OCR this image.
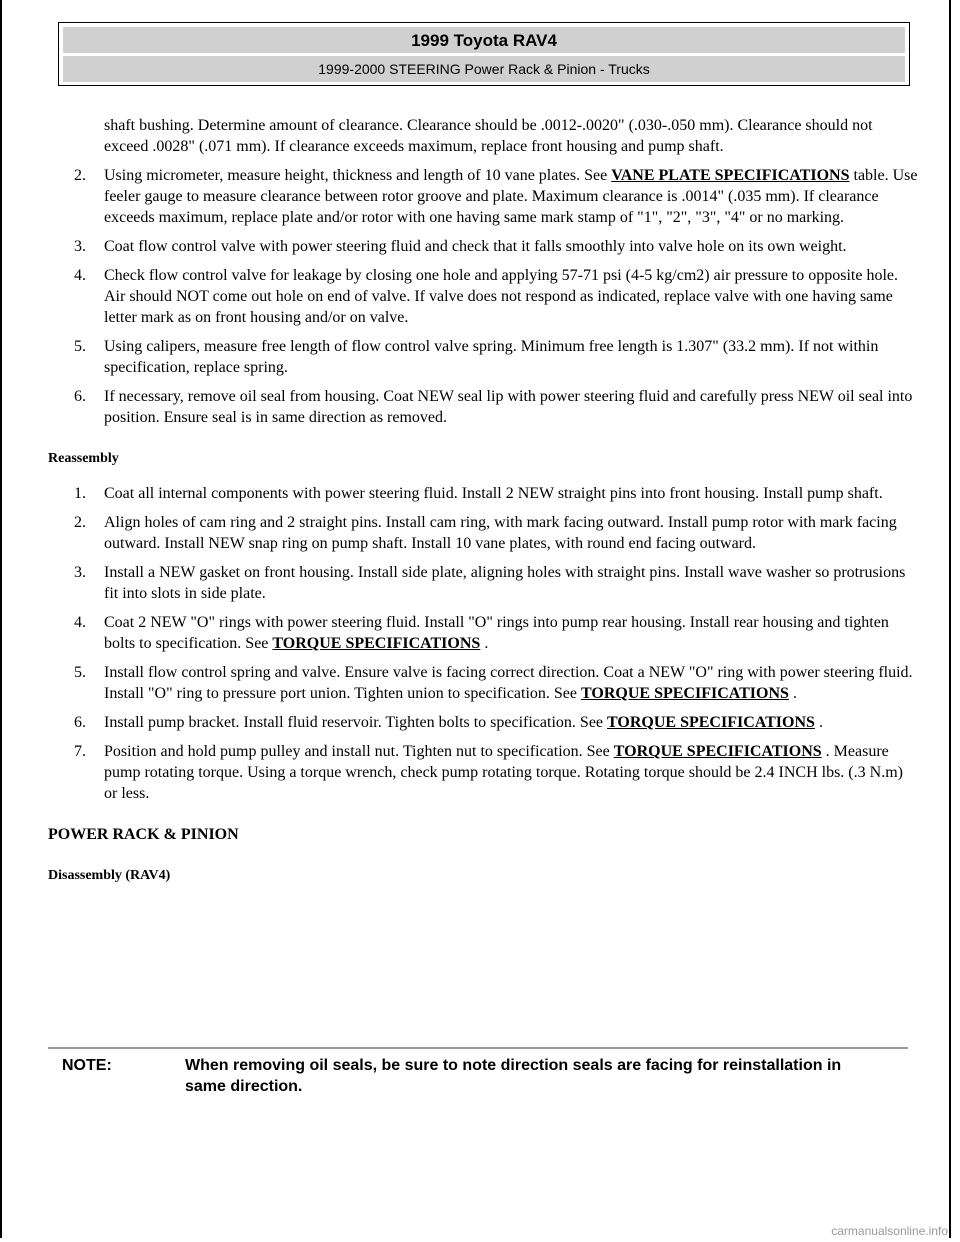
1999 Toyota RAV4
1999-2000 STEERING Power Rack & Pinion - Trucks

shaft bushing. Determine amount of clearance. Clearance should be .0012-.0020" (.030-.050 mm). Clearance should not exceed .0028" (.071 mm). If clearance exceeds maximum, replace front housing and pump shaft.

2. Using micrometer, measure height, thickness and length of 10 vane plates. See VANE PLATE SPECIFICATIONS table. Use feeler gauge to measure clearance between rotor groove and plate. Maximum clearance is .0014" (.035 mm). If clearance exceeds maximum, replace plate and/or rotor with one having same mark stamp of "1", "2", "3", "4" or no marking.
3. Coat flow control valve with power steering fluid and check that it falls smoothly into valve hole on its own weight.
4. Check flow control valve for leakage by closing one hole and applying 57-71 psi (4-5 kg/cm2) air pressure to opposite hole. Air should NOT come out hole on end of valve. If valve does not respond as indicated, replace valve with one having same letter mark as on front housing and/or on valve.
5. Using calipers, measure free length of flow control valve spring. Minimum free length is 1.307" (33.2 mm). If not within specification, replace spring.
6. If necessary, remove oil seal from housing. Coat NEW seal lip with power steering fluid and carefully press NEW oil seal into position. Ensure seal is in same direction as removed.
Reassembly
1. Coat all internal components with power steering fluid. Install 2 NEW straight pins into front housing. Install pump shaft.
2. Align holes of cam ring and 2 straight pins. Install cam ring, with mark facing outward. Install pump rotor with mark facing outward. Install NEW snap ring on pump shaft. Install 10 vane plates, with round end facing outward.
3. Install a NEW gasket on front housing. Install side plate, aligning holes with straight pins. Install wave washer so protrusions fit into slots in side plate.
4. Coat 2 NEW "O" rings with power steering fluid. Install "O" rings into pump rear housing. Install rear housing and tighten bolts to specification. See TORQUE SPECIFICATIONS .
5. Install flow control spring and valve. Ensure valve is facing correct direction. Coat a NEW "O" ring with power steering fluid. Install "O" ring to pressure port union. Tighten union to specification. See TORQUE SPECIFICATIONS .
6. Install pump bracket. Install fluid reservoir. Tighten bolts to specification. See TORQUE SPECIFICATIONS .
7. Position and hold pump pulley and install nut. Tighten nut to specification. See TORQUE SPECIFICATIONS . Measure pump rotating torque. Using a torque wrench, check pump rotating torque. Rotating torque should be 2.4 INCH lbs. (.3 N.m) or less.
POWER RACK & PINION
Disassembly (RAV4)
NOTE:	When removing oil seals, be sure to note direction seals are facing for reinstallation in same direction.
carmanualsonline.info
